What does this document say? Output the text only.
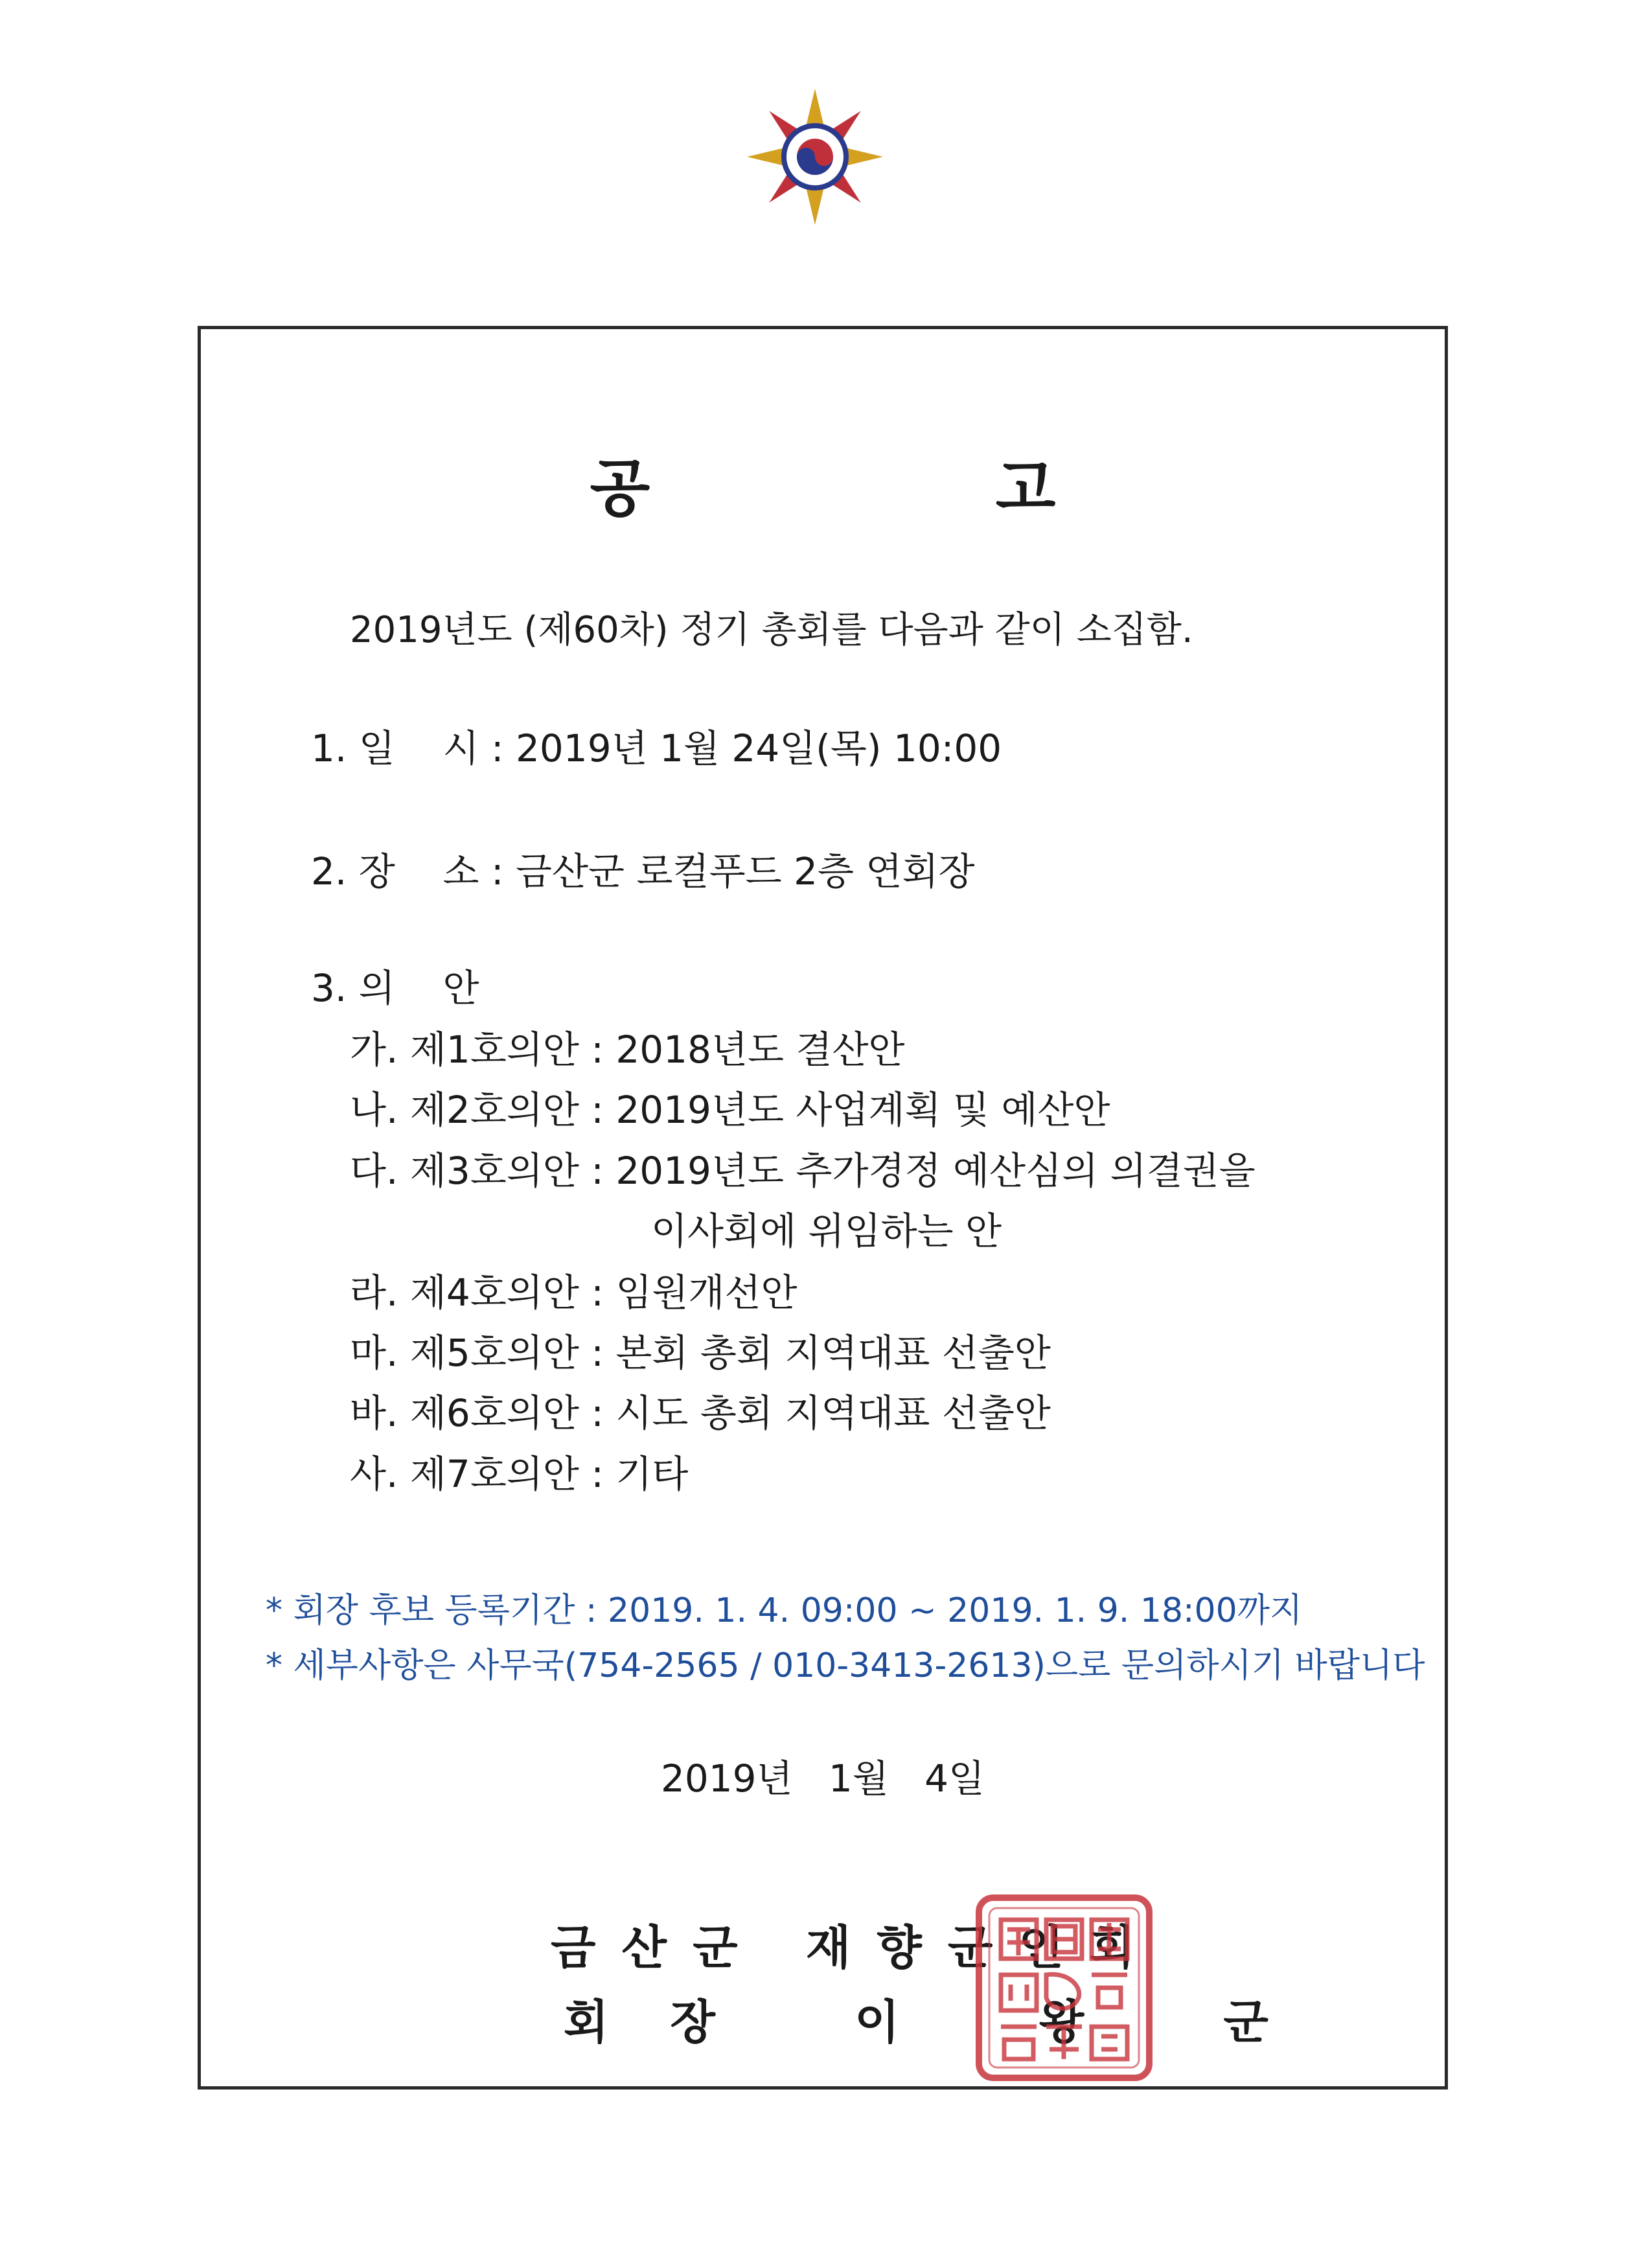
공 고
2019년도 (제60차) 정기 총회를 다음과 같이 소집함.
1. 일    시 : 2019년 1월 24일(목) 10:00
2. 장    소 : 금산군 로컬푸드 2층 연회장
3. 의    안
가. 제1호의안 : 2018년도 결산안
나. 제2호의안 : 2019년도 사업계획 및 예산안
다. 제3호의안 : 2019년도 추가경정 예산심의 의결권을
이사회에 위임하는 안
라. 제4호의안 : 임원개선안
마. 제5호의안 : 본회 총회 지역대표 선출안
바. 제6호의안 : 시도 총회 지역대표 선출안
사. 제7호의안 : 기타
* 회장 후보 등록기간 : 2019. 1. 4. 09:00 ~ 2019. 1. 9. 18:00까지
* 세부사항은 사무국(754-2565 / 010-3413-2613)으로 문의하시기 바랍니다
2019년   1월   4일
금산군 재향군인회
회장 이 왕 군
